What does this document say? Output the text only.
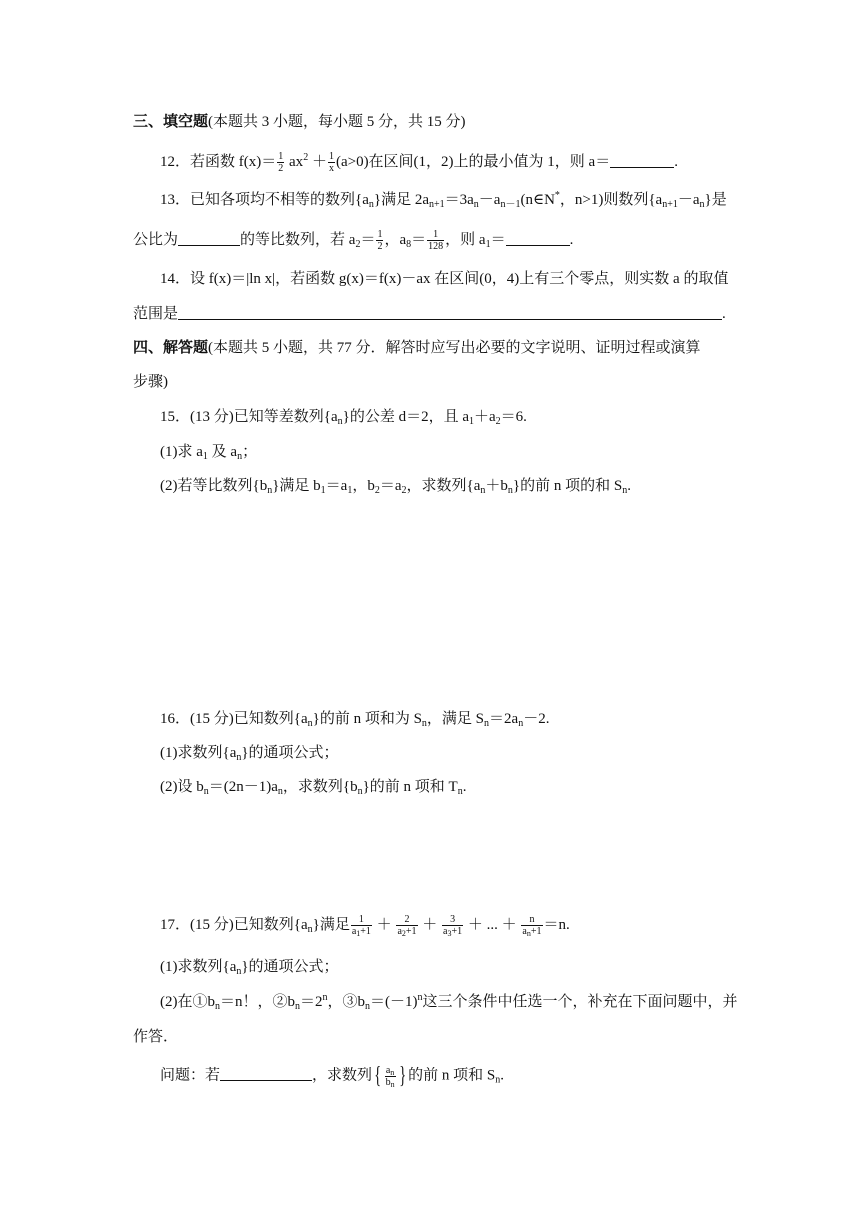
三、填空题(本题共 3 小题，每小题 5 分，共 15 分)
12．若函数 $f(x)= \frac{1}{2} ax^2 + \frac{1}{x} (a>0)$在区间(1，2)上的最小值为 1，则 a＝	.
13．已知各项均不相等的数列$\{a_n\}$满足 $2a_{n+1}=3a_n-a_{n-1}(n\in N^*$，n>1)则数列$\{a_{n+1}-a_n\}$是
公比为	的等比数列，若 $a_2= \frac{1}{2}$ ，$a_8= \frac{1}{128}$ ，则 $a_1=$	.
14．设 f(x)＝|ln x|，若函数 g(x)＝f(x)－ax 在区间(0，4)上有三个零点，则实数 a 的取值
范围是	.
四、解答题(本题共 5 小题，共 77 分．解答时应写出必要的文字说明、证明过程或演算
步骤)
15．(13 分)已知等差数列$\{a_n\}$的公差 d＝2，且 $a_1+a_2=6$.
(1)求 $a_1$ 及 $a_n$；
(2)若等比数列$\{b_n\}$满足 $b_1=a_1$，$b_2=a_2$，求数列$\{a_n+b_n\}$的前 n 项的和 $S_n$.
16．(15 分)已知数列$\{a_n\}$的前 n 项和为 $S_n$，满足 $S_n=2a_n-2$.
(1)求数列$\{a_n\}$的通项公式；
(2)设 $b_n=(2n-1)a_n$，求数列$\{b_n\}$的前 n 项和 $T_n$.
17．(15 分)已知数列$\{a_n\}$满足 $\frac{1}{a_1+1} + \frac{2}{a_2+1} + \frac{3}{a_3+1}$ ＋ ... ＋ $\frac{n}{a_n+1} =n$.
(1)求数列$\{a_n\}$的通项公式；
(2)在$①b_n=n$！，$②b_n=2^n$，$③b_n=(-1)^n$这三个条件中任选一个，补充在下面问题中，并
作答．
问题：若	，求数列{ $\frac{a_n}{b_n}$ } 的前 n 项和 $S_n$.
